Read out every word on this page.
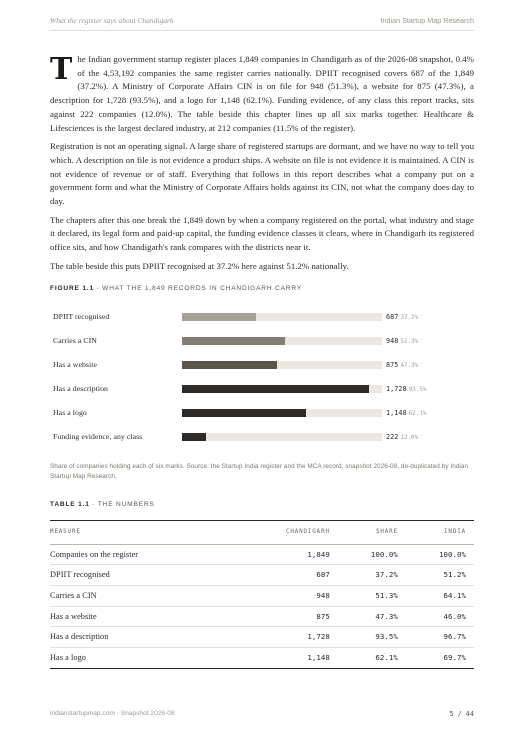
What the register says about Chandigarh	Indian Startup Map Research

The Indian government startup register places 1,849 companies in Chandigarh as of the 2026-08 snapshot, 0.4% of the 4,53,192 companies the same register carries nationally. DPIIT recognised covers 687 of the 1,849 (37.2%). A Ministry of Corporate Affairs CIN is on file for 948 (51.3%), a website for 875 (47.3%), a description for 1,728 (93.5%), and a logo for 1,148 (62.1%). Funding evidence, of any class this report tracks, sits against 222 companies (12.0%). The table beside this chapter lines up all six marks together. Healthcare & Lifesciences is the largest declared industry, at 212 companies (11.5% of the register).

Registration is not an operating signal. A large share of registered startups are dormant, and we have no way to tell you which. A description on file is not evidence a product ships. A website on file is not evidence it is maintained. A CIN is not evidence of revenue or of staff. Everything that follows in this report describes what a company put on a government form and what the Ministry of Corporate Affairs holds against its CIN, not what the company does day to day.

The chapters after this one break the 1,849 down by when a company registered on the portal, what industry and stage it declared, its legal form and paid-up capital, the funding evidence classes it clears, where in Chandigarh its registered office sits, and how Chandigarh's rank compares with the districts near it.

The table beside this puts DPIIT recognised at 37.2% here against 51.2% nationally.

FIGURE 1.1 · WHAT THE 1,849 RECORDS IN CHANDIGARH CARRY
DPIIT recognised	687 37.2%
Carries a CIN	948 51.3%
Has a website	875 47.3%
Has a description	1,728 93.5%
Has a logo	1,148 62.1%
Funding evidence, any class	222 12.0%
Share of companies holding each of six marks. Source: the Startup India register and the MCA record, snapshot 2026-08, de-duplicated by Indian Startup Map Research.
TABLE 1.1 · THE NUMBERS
MEASURE	CHANDIGARH	SHARE	INDIA
Companies on the register	1,849	100.0%	100.0%
DPIIT recognised	687	37.2%	51.2%
Carries a CIN	948	51.3%	64.1%
Has a website	875	47.3%	46.0%
Has a description	1,728	93.5%	96.7%
Has a logo	1,148	62.1%	69.7%
indianstartupmap.com · Snapshot 2026-08	5 / 44
